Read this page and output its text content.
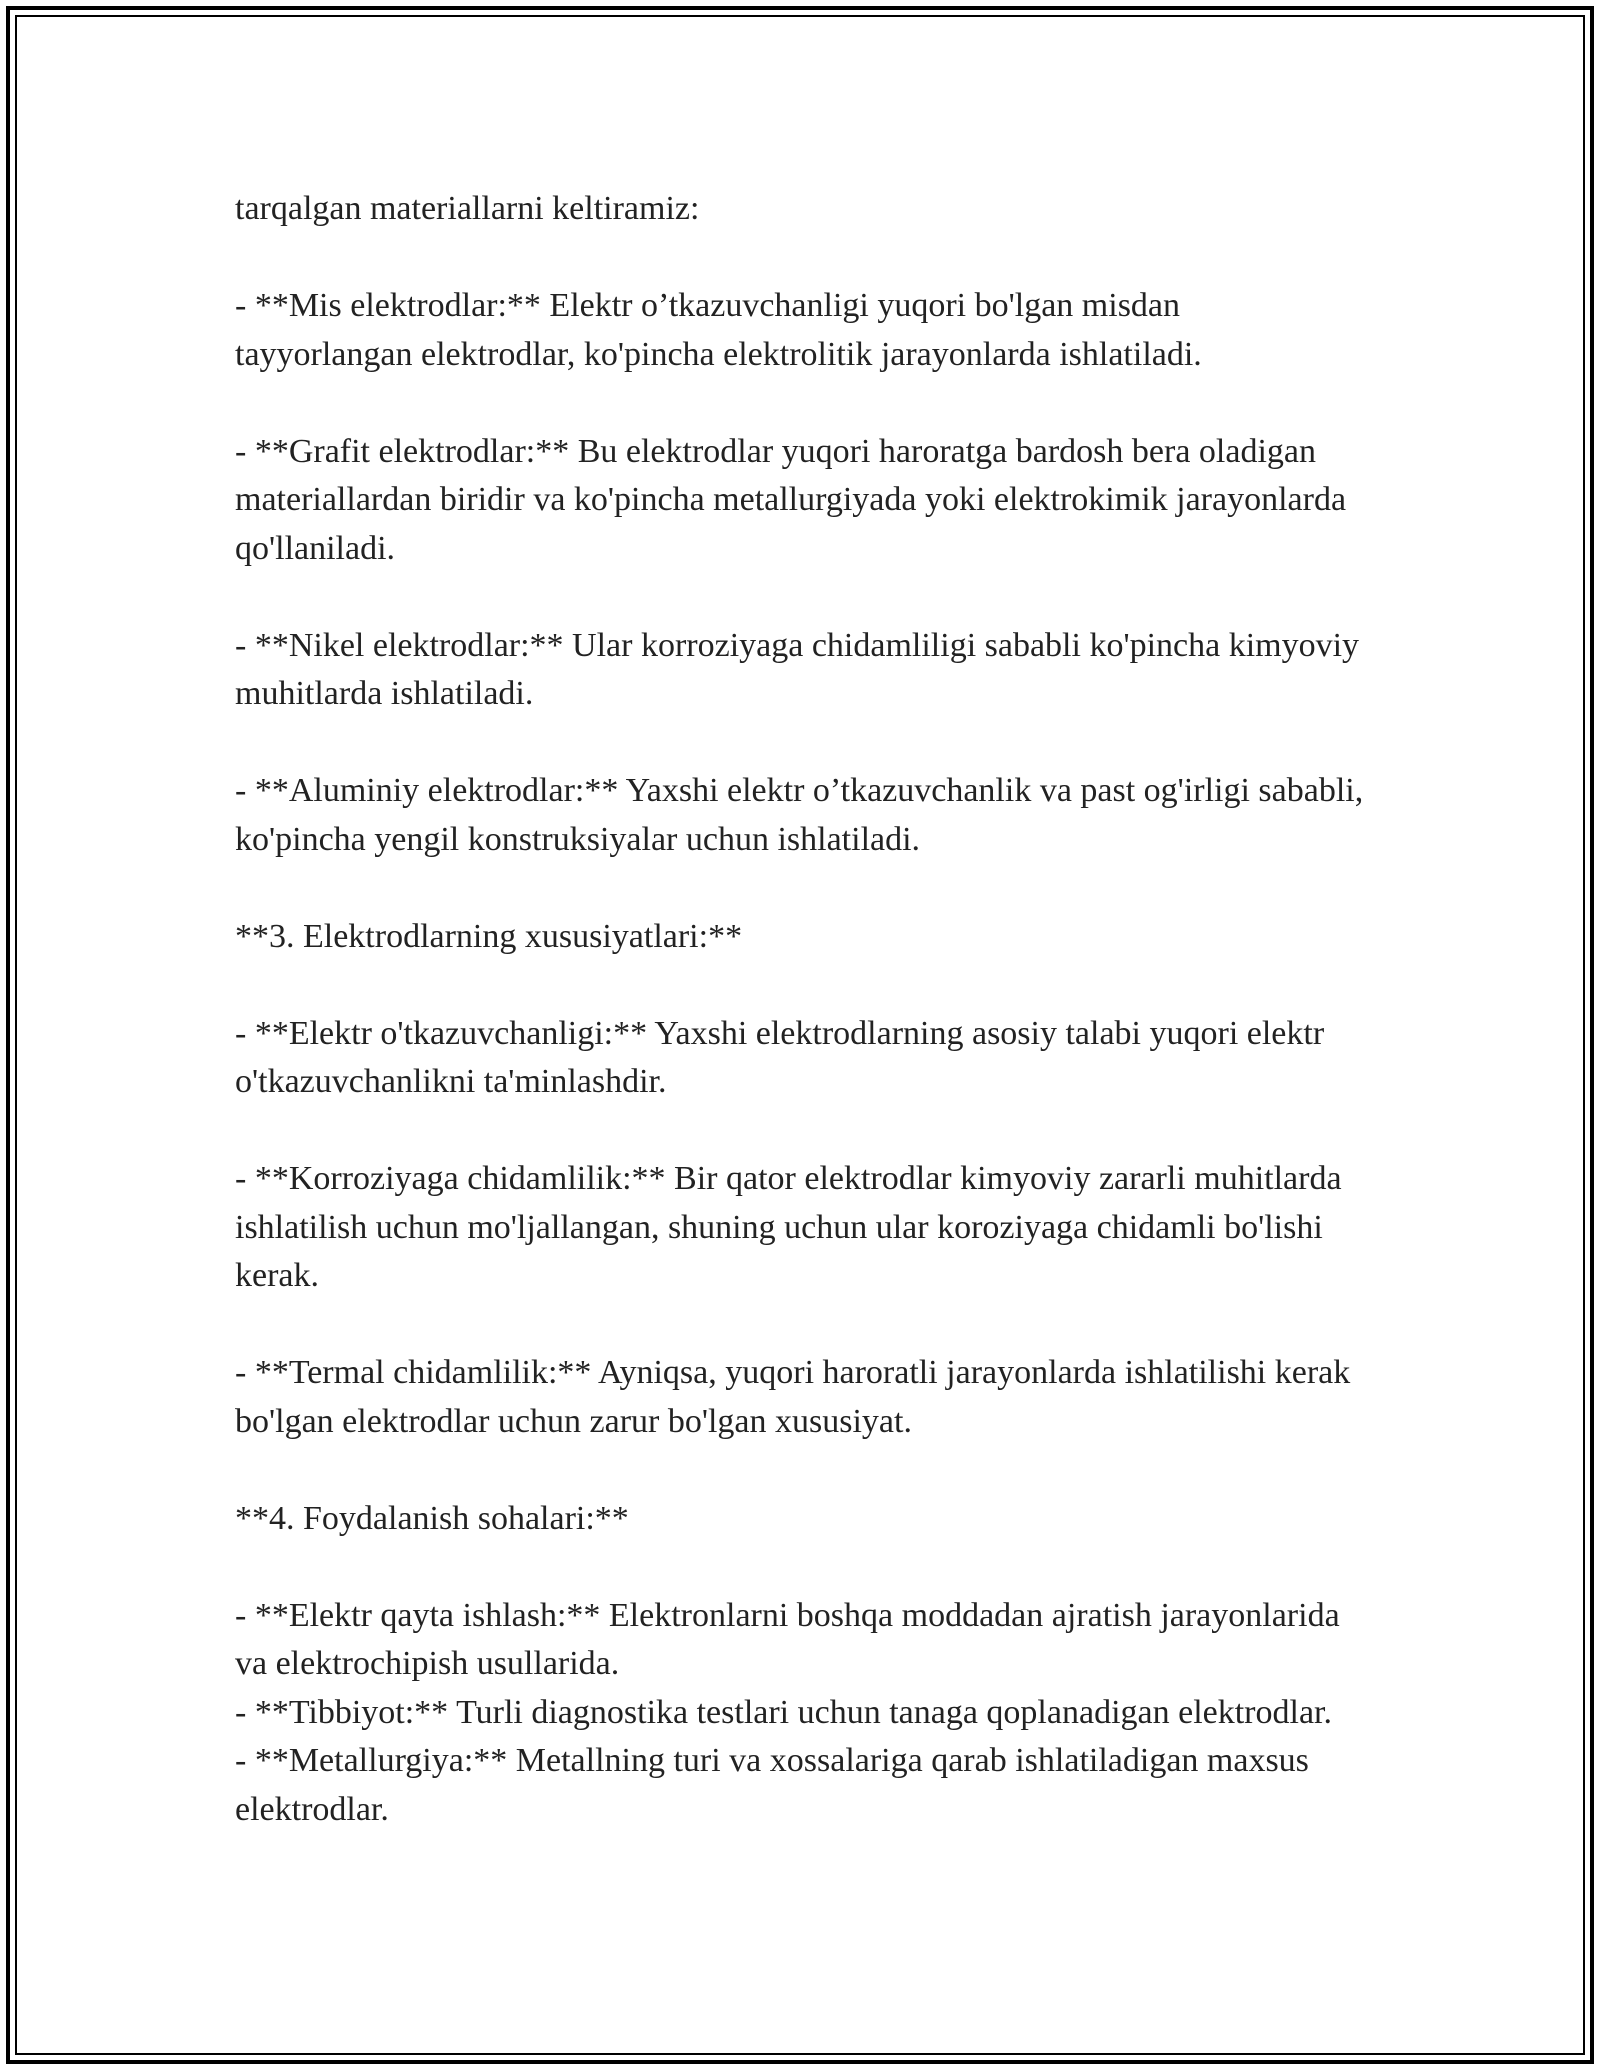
tarqalgan materiallarni keltiramiz:

- **Mis elektrodlar:** Elektr o’tkazuvchanligi yuqori bo'lgan misdan tayyorlangan elektrodlar, ko'pincha elektrolitik jarayonlarda ishlatiladi.

- **Grafit elektrodlar:** Bu elektrodlar yuqori haroratga bardosh bera oladigan materiallardan biridir va ko'pincha metallurgiyada yoki elektrokimik jarayonlarda qo'llaniladi.

- **Nikel elektrodlar:** Ular korroziyaga chidamliligi sababli ko'pincha kimyoviy muhitlarda ishlatiladi.

- **Aluminiy elektrodlar:** Yaxshi elektr o’tkazuvchanlik va past og'irligi sababli, ko'pincha yengil konstruksiyalar uchun ishlatiladi.

**3. Elektrodlarning xususiyatlari:**

- **Elektr o'tkazuvchanligi:** Yaxshi elektrodlarning asosiy talabi yuqori elektr o'tkazuvchanlikni ta'minlashdir.

- **Korroziyaga chidamlilik:** Bir qator elektrodlar kimyoviy zararli muhitlarda ishlatilish uchun mo'ljallangan, shuning uchun ular koroziyaga chidamli bo'lishi kerak.

- **Termal chidamlilik:** Ayniqsa, yuqori haroratli jarayonlarda ishlatilishi kerak bo'lgan elektrodlar uchun zarur bo'lgan xususiyat.

**4. Foydalanish sohalari:**

- **Elektr qayta ishlash:** Elektronlarni boshqa moddadan ajratish jarayonlarida va elektrochipish usullarida.

- **Tibbiyot:** Turli diagnostika testlari uchun tanaga qoplanadigan elektrodlar.

- **Metallurgiya:** Metallning turi va xossalariga qarab ishlatiladigan maxsus elektrodlar.
